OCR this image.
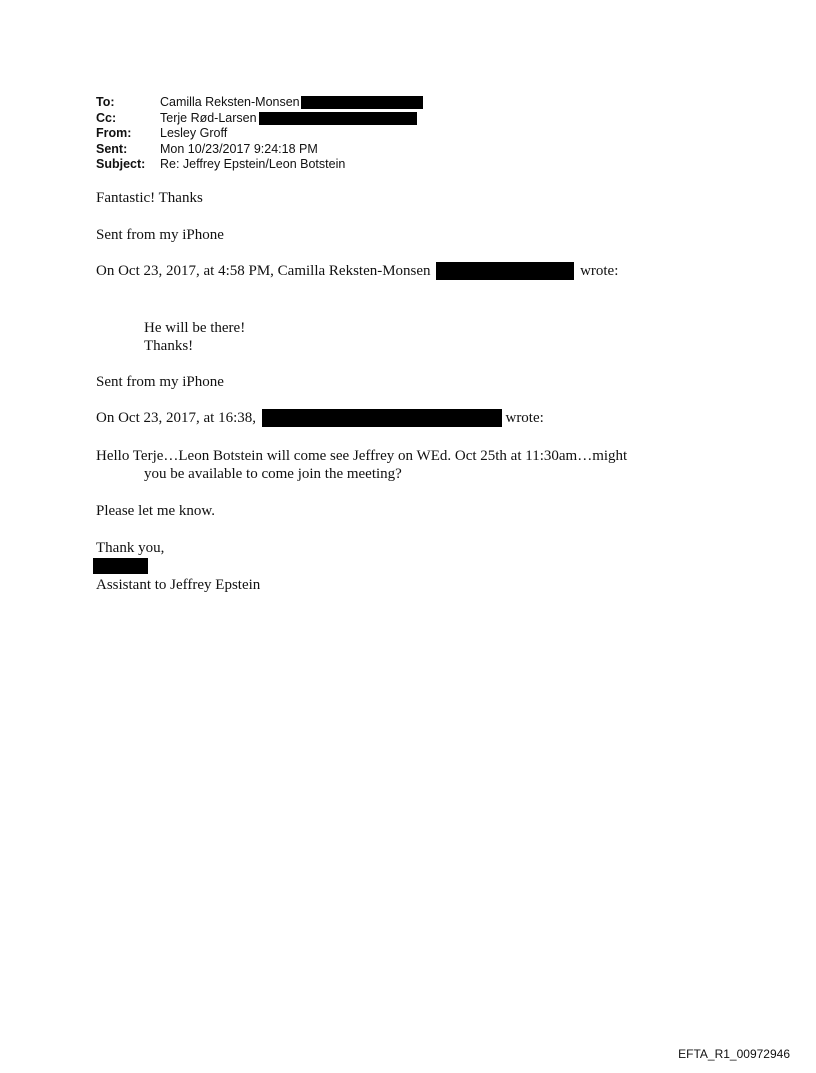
To:	Camilla Reksten-Monsen
Cc:	Terje Rød-Larsen
From:	Lesley Groff
Sent:	Mon 10/23/2017 9:24:18 PM
Subject:	Re: Jeffrey Epstein/Leon Botstein
Fantastic! Thanks
Sent from my iPhone
On Oct 23, 2017, at 4:58 PM, Camilla Reksten-Monsen	wrote:
He will be there!
Thanks!
Sent from my iPhone
On Oct 23, 2017, at 16:38,	wrote:
Hello Terje…Leon Botstein will come see Jeffrey on WEd. Oct 25th at 11:30am…might
you be available to come join the meeting?
Please let me know.
Thank you,
Assistant to Jeffrey Epstein
EFTA_R1_00972946
